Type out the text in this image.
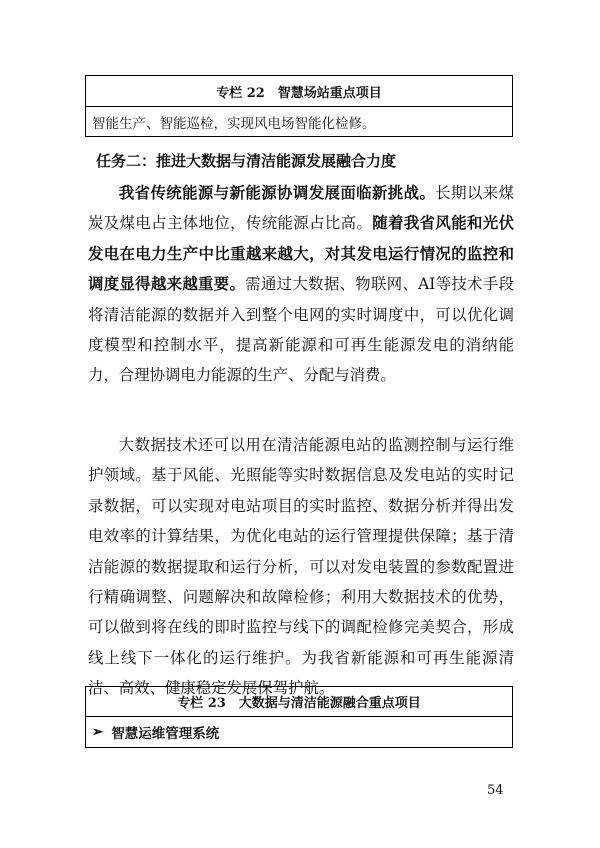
专栏 22　智慧场站重点项目
智能生产、智能巡检，实现风电场智能化检修。
任务二：推进大数据与清洁能源发展融合力度

我省传统能源与新能源协调发展面临新挑战。长期以来煤炭及煤电占主体地位，传统能源占比高。随着我省风能和光伏发电在电力生产中比重越来越大，对其发电运行情况的监控和调度显得越来越重要。需通过大数据、物联网、AI等技术手段将清洁能源的数据并入到整个电网的实时调度中，可以优化调度模型和控制水平，提高新能源和可再生能源发电的消纳能力，合理协调电力能源的生产、分配与消费。

大数据技术还可以用在清洁能源电站的监测控制与运行维护领域。基于风能、光照能等实时数据信息及发电站的实时记录数据，可以实现对电站项目的实时监控、数据分析并得出发电效率的计算结果，为优化电站的运行管理提供保障；基于清洁能源的数据提取和运行分析，可以对发电装置的参数配置进行精确调整、问题解决和故障检修；利用大数据技术的优势，可以做到将在线的即时监控与线下的调配检修完美契合，形成线上线下一体化的运行维护。为我省新能源和可再生能源清洁、高效、健康稳定发展保驾护航。

专栏 23　大数据与清洁能源融合重点项目
➢ 智慧运维管理系统
54
